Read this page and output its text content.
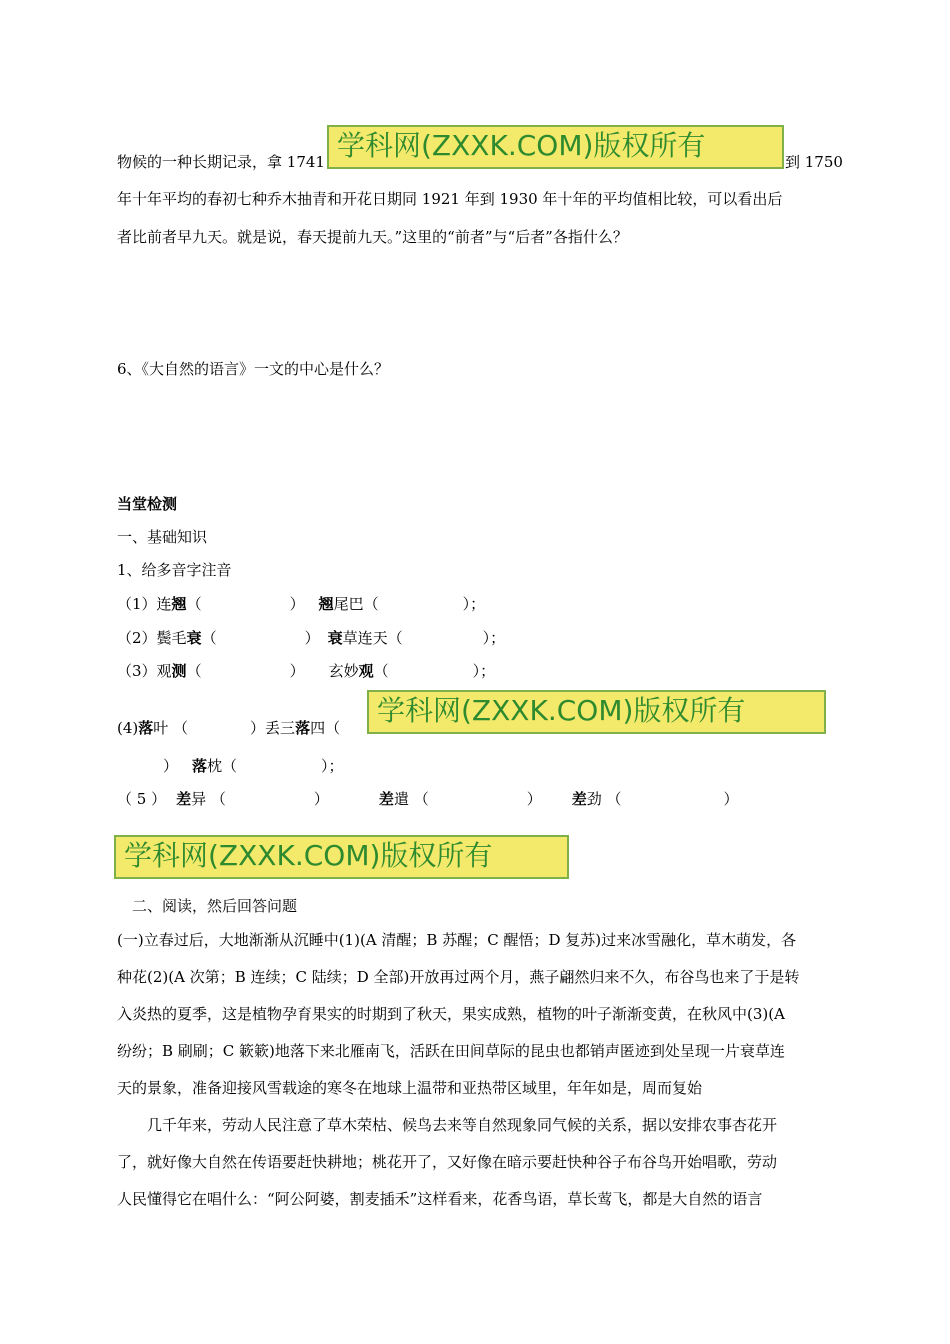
物候的一种长期记录，拿 1741 学科网(ZXXK.COM)版权所有	到 1750
年十年平均的春初七种乔木抽青和开花日期同 1921 年到 1930 年十年的平均值相比较，可以看出后
者比前者早九天。就是说，春天提前九天。”这里的“前者”与“后者”各指什么？
6、《大自然的语言》一文的中心是什么？
当堂检测
一、基础知识
1、给多音字注音
（1）连翘（	） 翘尾巴（	）；
（2）鬓毛衰（	） 衰草连天（	）；
（3）观测（	） 玄妙观（	）；
(4)落叶 （	）丢三落四（
学科网(ZXXK.COM)版权所有
） 落枕（	）；
（ 5 ） 差异 （	）	差遣 （	） 差劲 （	）
学科网(ZXXK.COM)版权所有
二、阅读，然后回答问题
(一)立春过后，大地渐渐从沉睡中(1)(A 清醒；B 苏醒；C 醒悟；D 复苏)过来冰雪融化，草木萌发，各
种花(2)(A 次第；B 连续；C 陆续；D 全部)开放再过两个月，燕子翩然归来不久，布谷鸟也来了于是转
入炎热的夏季，这是植物孕育果实的时期到了秋天，果实成熟，植物的叶子渐渐变黄，在秋风中(3)(A
纷纷；B 刷刷；C 簌簌)地落下来北雁南飞，活跃在田间草际的昆虫也都销声匿迹到处呈现一片衰草连
天的景象，准备迎接风雪载途的寒冬在地球上温带和亚热带区域里，年年如是，周而复始
几千年来，劳动人民注意了草木荣枯、候鸟去来等自然现象同气候的关系，据以安排农事杏花开
了，就好像大自然在传语要赶快耕地；桃花开了，又好像在暗示要赶快种谷子布谷鸟开始唱歌，劳动
人民懂得它在唱什么：“阿公阿婆，割麦插禾”这样看来，花香鸟语，草长莺飞，都是大自然的语言
